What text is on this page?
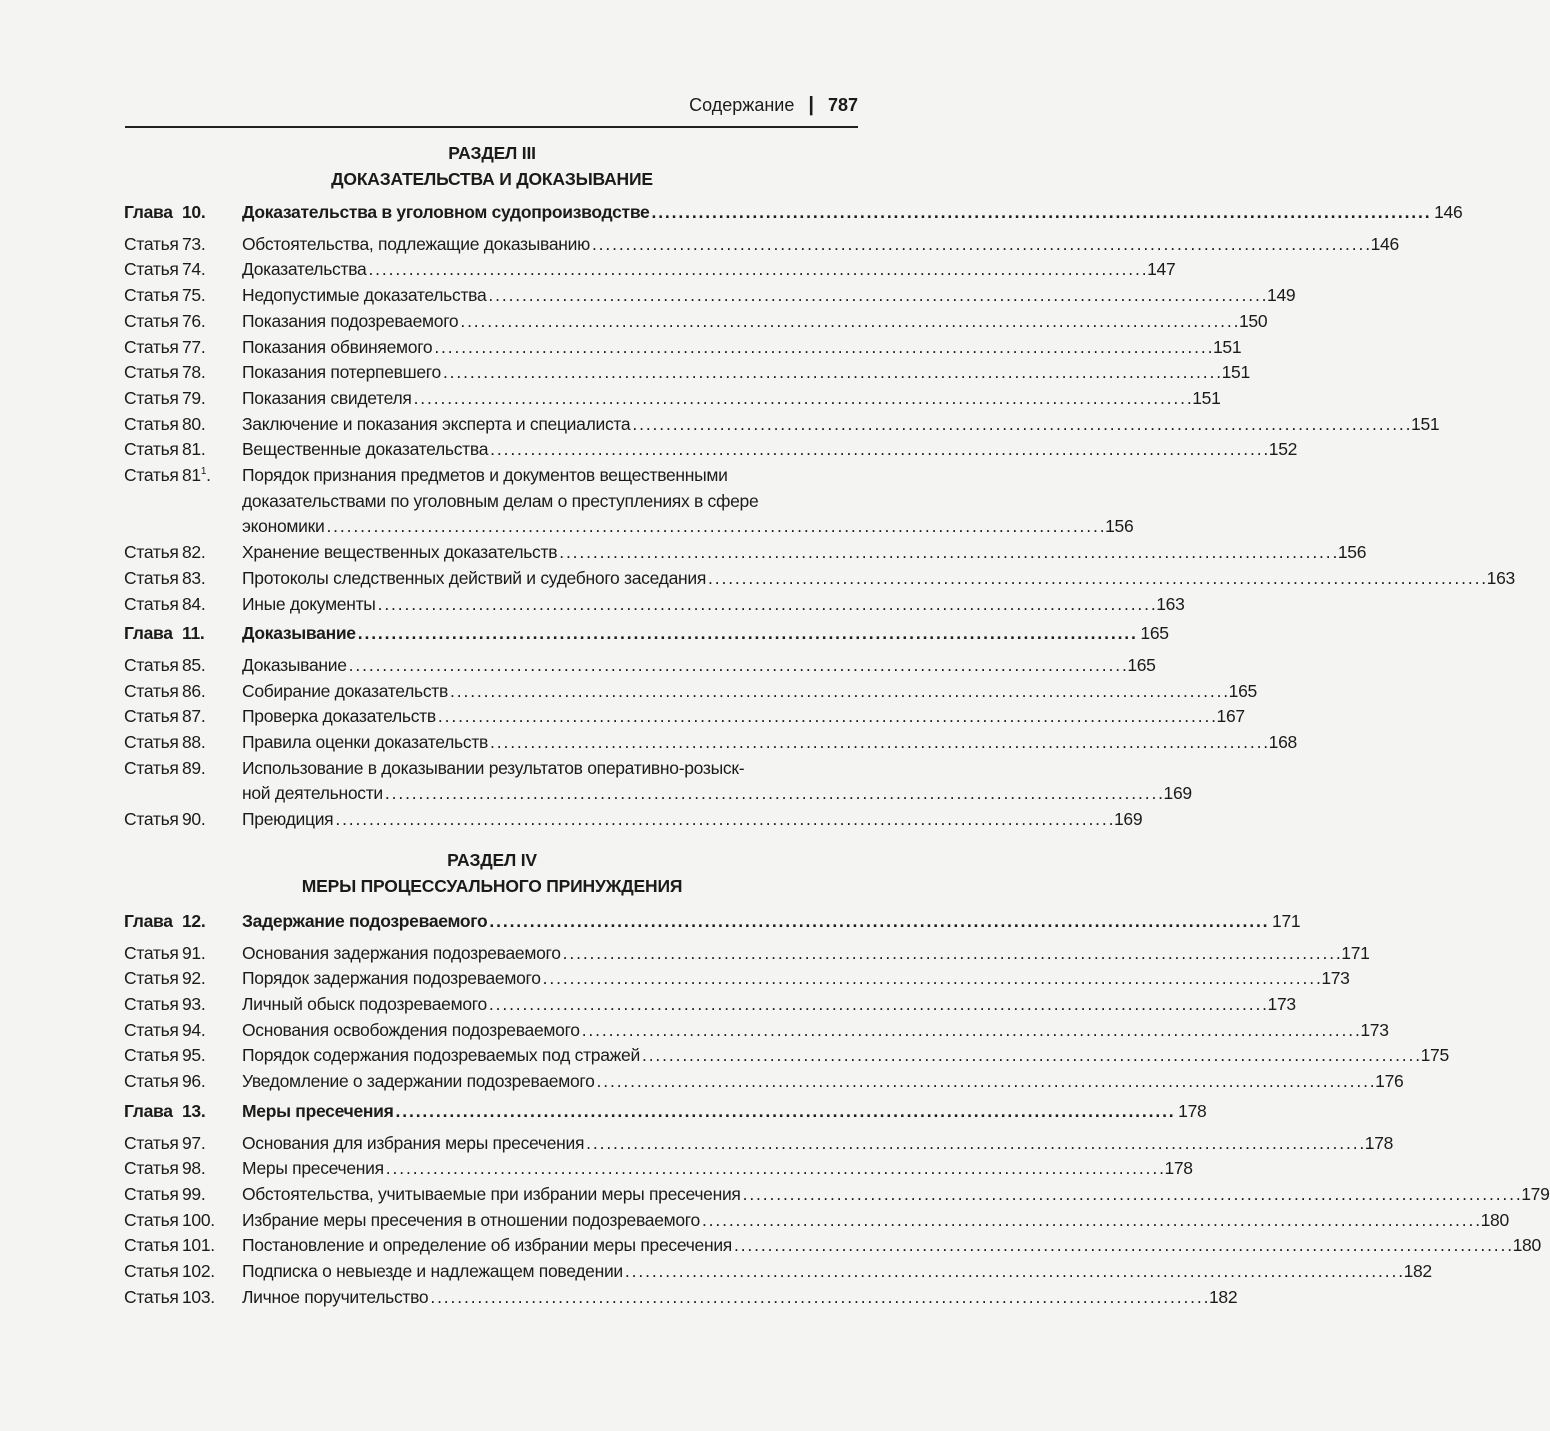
Содержание | 787
РАЗДЕЛ III
ДОКАЗАТЕЛЬСТВА И ДОКАЗЫВАНИЕ
Глава 10. Доказательства в уголовном судопроизводстве . . .	146
Статья 73. Обстоятельства, подлежащие доказыванию . . .	146
Статья 74. Доказательства . . .	147
Статья 75. Недопустимые доказательства . . .	149
Статья 76. Показания подозреваемого . . .	150
Статья 77. Показания обвиняемого . . .	151
Статья 78. Показания потерпевшего . . .	151
Статья 79. Показания свидетеля . . .	151
Статья 80. Заключение и показания эксперта и специалиста . . .	151
Статья 81. Вещественные доказательства . . .	152
Статья $81^1$. Порядок признания предметов и документов вещественными
доказательствами по уголовным делам о преступлениях в сфере
экономики . . .	156
Статья 82. Хранение вещественных доказательств . . .	156
Статья 83. Протоколы следственных действий и судебного заседания . . .	163
Статья 84. Иные документы . . .	163
Глава 11. Доказывание . . .	165
Статья 85. Доказывание . . .	165
Статья 86. Собирание доказательств . . .	165
Статья 87. Проверка доказательств . . .	167
Статья 88. Правила оценки доказательств . . .	168
Статья 89. Использование в доказывании результатов оперативно-розыск-
ной деятельности . . .	169
Статья 90. Преюдиция . . .	169
РАЗДЕЛ IV
МЕРЫ ПРОЦЕССУАЛЬНОГО ПРИНУЖДЕНИЯ
Глава 12. Задержание подозреваемого . . .	171
Статья 91. Основания задержания подозреваемого . . .	171
Статья 92. Порядок задержания подозреваемого . . .	173
Статья 93. Личный обыск подозреваемого . . .	173
Статья 94. Основания освобождения подозреваемого . . .	173
Статья 95. Порядок содержания подозреваемых под стражей . . .	175
Статья 96. Уведомление о задержании подозреваемого . . .	176
Глава 13. Меры пресечения . . .	178
Статья 97. Основания для избрания меры пресечения . . .	178
Статья 98. Меры пресечения . . .	178
Статья 99. Обстоятельства, учитываемые при избрании меры пресечения . . .	179
Статья 100. Избрание меры пресечения в отношении подозреваемого . . .	180
Статья 101. Постановление и определение об избрании меры пресечения . . .	180
Статья 102. Подписка о невыезде и надлежащем поведении . . .	182
Статья 103. Личное поручительство . . .	182
